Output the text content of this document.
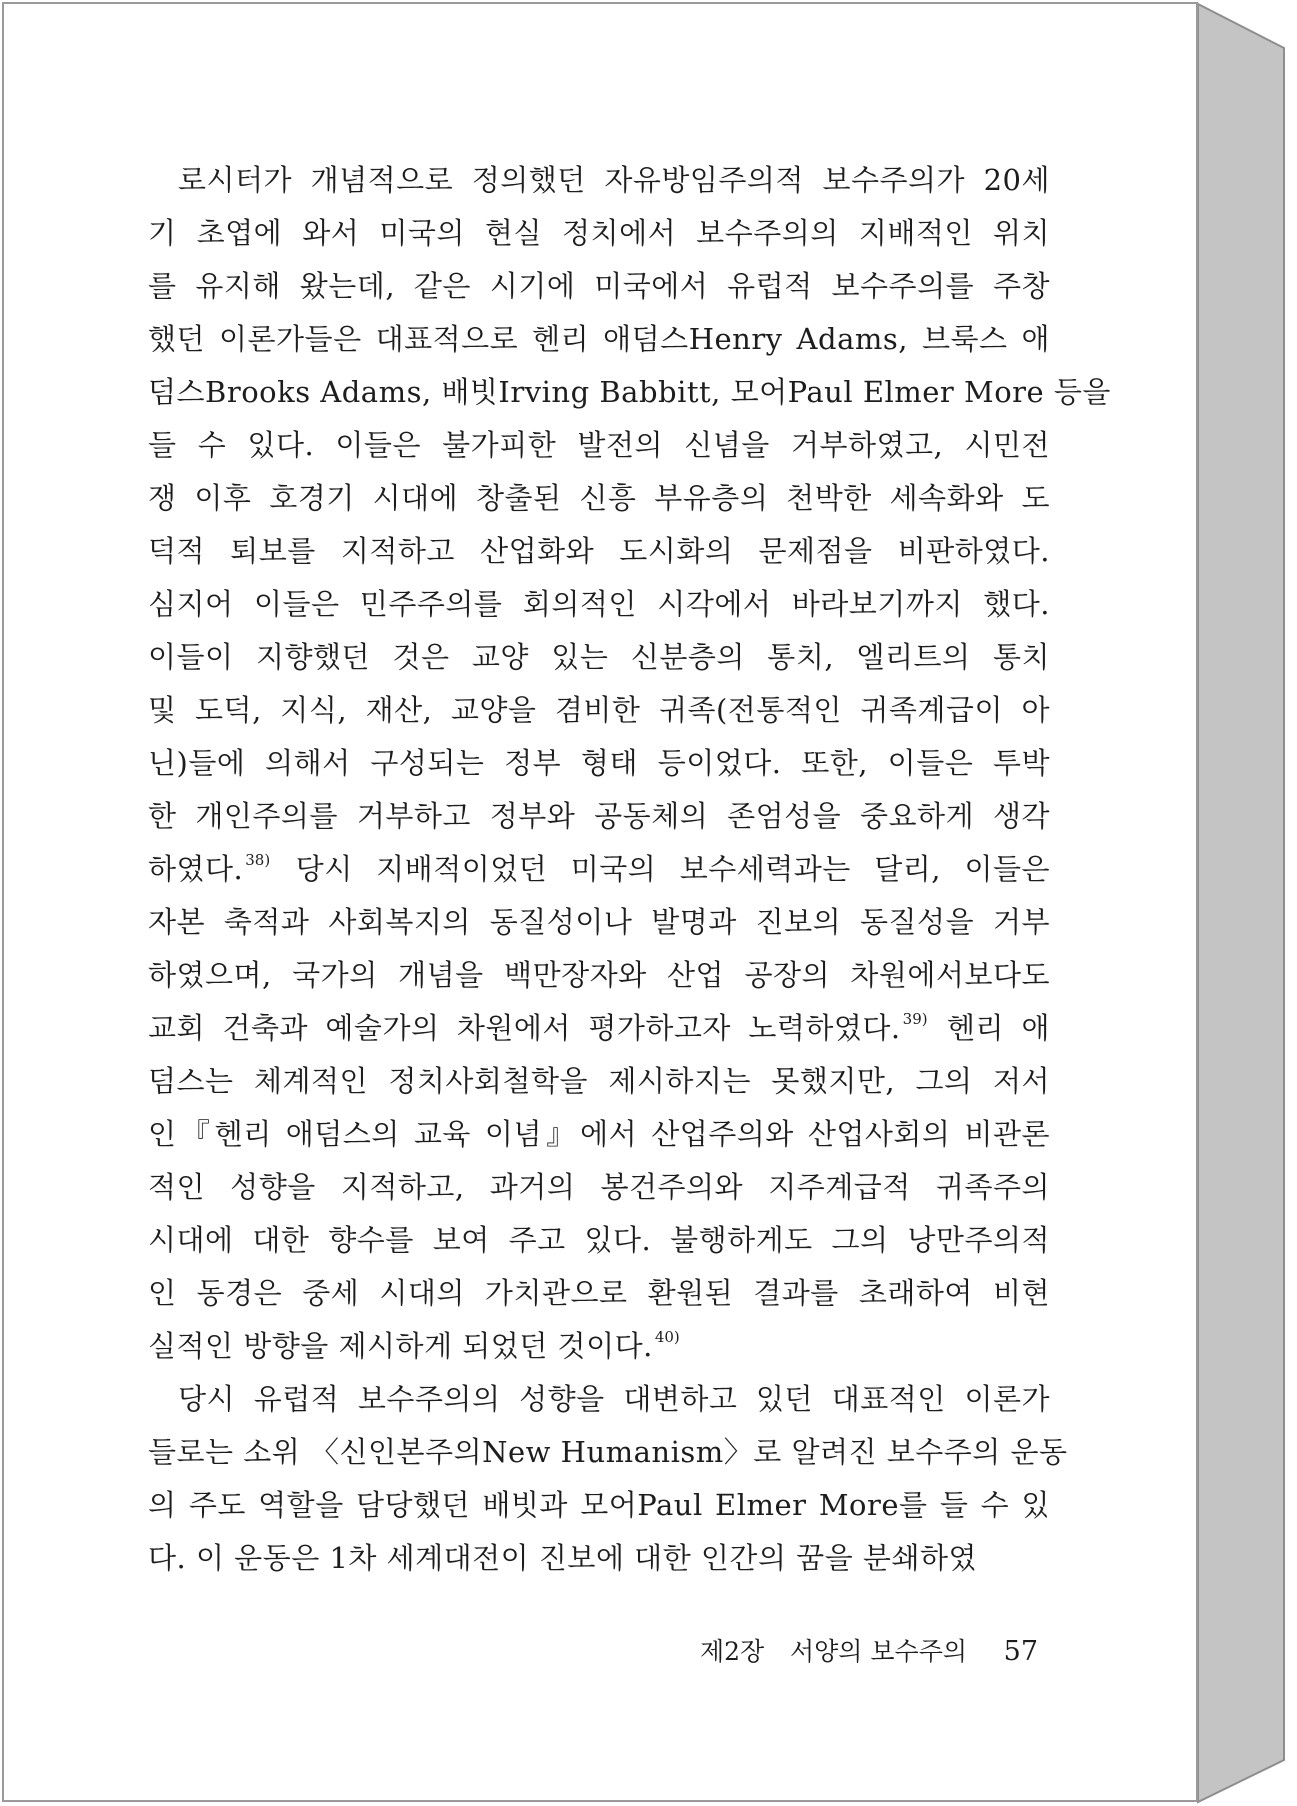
로시터가 개념적으로 정의했던 자유방임주의적 보수주의가 20세
기 초엽에 와서 미국의 현실 정치에서 보수주의의 지배적인 위치
를 유지해 왔는데, 같은 시기에 미국에서 유럽적 보수주의를 주창
했던 이론가들은 대표적으로 헨리 애덤스Henry Adams, 브룩스 애
덤스Brooks Adams, 배빗Irving Babbitt, 모어Paul Elmer More 등을
들 수 있다. 이들은 불가피한 발전의 신념을 거부하였고, 시민전
쟁 이후 호경기 시대에 창출된 신흥 부유층의 천박한 세속화와 도
덕적 퇴보를 지적하고 산업화와 도시화의 문제점을 비판하였다.
심지어 이들은 민주주의를 회의적인 시각에서 바라보기까지 했다.
이들이 지향했던 것은 교양 있는 신분층의 통치, 엘리트의 통치
및 도덕, 지식, 재산, 교양을 겸비한 귀족(전통적인 귀족계급이 아
닌)들에 의해서 구성되는 정부 형태 등이었다. 또한, 이들은 투박
한 개인주의를 거부하고 정부와 공동체의 존엄성을 중요하게 생각
하였다. $^{38)}$ 당시 지배적이었던 미국의 보수세력과는 달리, 이들은
자본 축적과 사회복지의 동질성이나 발명과 진보의 동질성을 거부
하였으며, 국가의 개념을 백만장자와 산업 공장의 차원에서보다도
교회 건축과 예술가의 차원에서 평가하고자 노력하였다. $^{39)}$ 헨리 애
덤스는 체계적인 정치사회철학을 제시하지는 못했지만, 그의 저서
인『헨리 애덤스의 교육 이념』에서 산업주의와 산업사회의 비관론
적인 성향을 지적하고, 과거의 봉건주의와 지주계급적 귀족주의
시대에 대한 향수를 보여 주고 있다. 불행하게도 그의 낭만주의적
인 동경은 중세 시대의 가치관으로 환원된 결과를 초래하여 비현
실적인 방향을 제시하게 되었던 것이다. $^{40)}$
당시 유럽적 보수주의의 성향을 대변하고 있던 대표적인 이론가
들로는 소위 〈신인본주의New Humanism〉로 알려진 보수주의 운동
의 주도 역할을 담당했던 배빗과 모어Paul Elmer More를 들 수 있
다. 이 운동은 1차 세계대전이 진보에 대한 인간의 꿈을 분쇄하였
제2장 서양의 보수주의 57
